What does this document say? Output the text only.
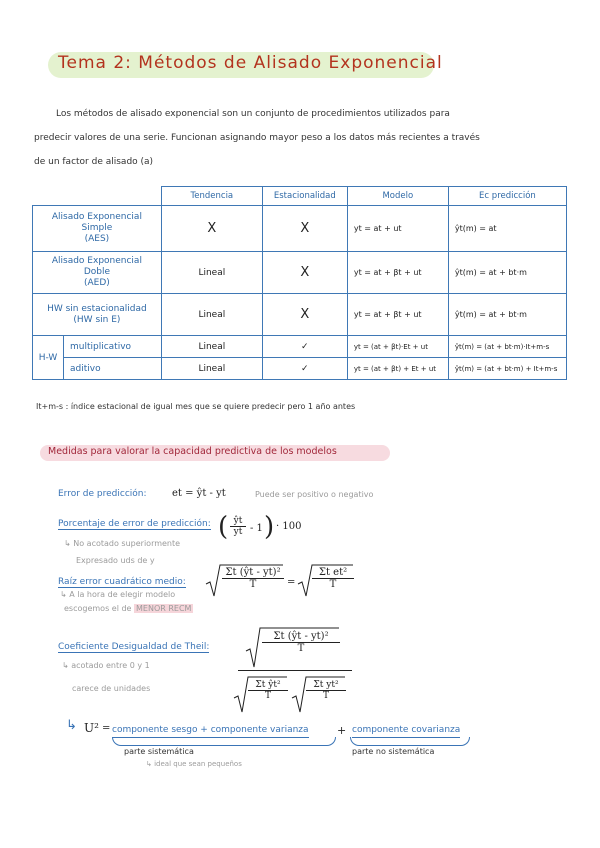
Tema 2: Métodos de Alisado Exponencial
Los métodos de alisado exponencial son un conjunto de procedimientos utilizados para
predecir valores de una serie. Funcionan asignando mayor peso a los datos más recientes a través
de un factor de alisado (a)
		Tendencia	Estacionalidad	Modelo	Ec predicción

Alisado Exponencial
Simple
(AES)		X	X	yt = at + ut	ŷt(m) = at

Alisado Exponencial
Doble
(AED)		Lineal	X	yt = at + βt + ut	ŷt(m) = at + bt·m

HW sin estacionalidad
(HW sin E)		Lineal	X	yt = at + βt + ut	ŷt(m) = at + bt·m
H-W	multiplicativo	Lineal	✓	yt = (at + βt)·Et + ut	ŷt(m) = (at + bt·m)·It+m-s
	aditivo	Lineal	✓	yt = (at + βt) + Et + ut	ŷt(m) = (at + bt·m) + It+m-s
It+m-s : índice estacional de igual mes que se quiere predecir pero 1 año antes
Medidas para valorar la capacidad predictiva de los modelos
Error de predicción:	et = ŷt - yt	Puede ser positivo o negativo
Porcentaje de error de predicción: ( ŷt
yt - 1 ) · 100
↳ No acotado superiormente
Expresado uds de y
Raíz error cuadrático medio:
Σt (ŷt - yt)²
T	=
Σt et²
T
↳ A la hora de elegir modelo
escogemos el de MENOR RECM
Coeficiente Desigualdad de Theil:
Σt (ŷt - yt)²
T
Σt ŷt²
T
Σt yt²
T
↳ acotado entre 0 y 1
carece de unidades
↳ U² = componente sesgo + componente varianza	+ componente covarianza
parte sistemática	parte no sistemática
↳ ideal que sean pequeños
